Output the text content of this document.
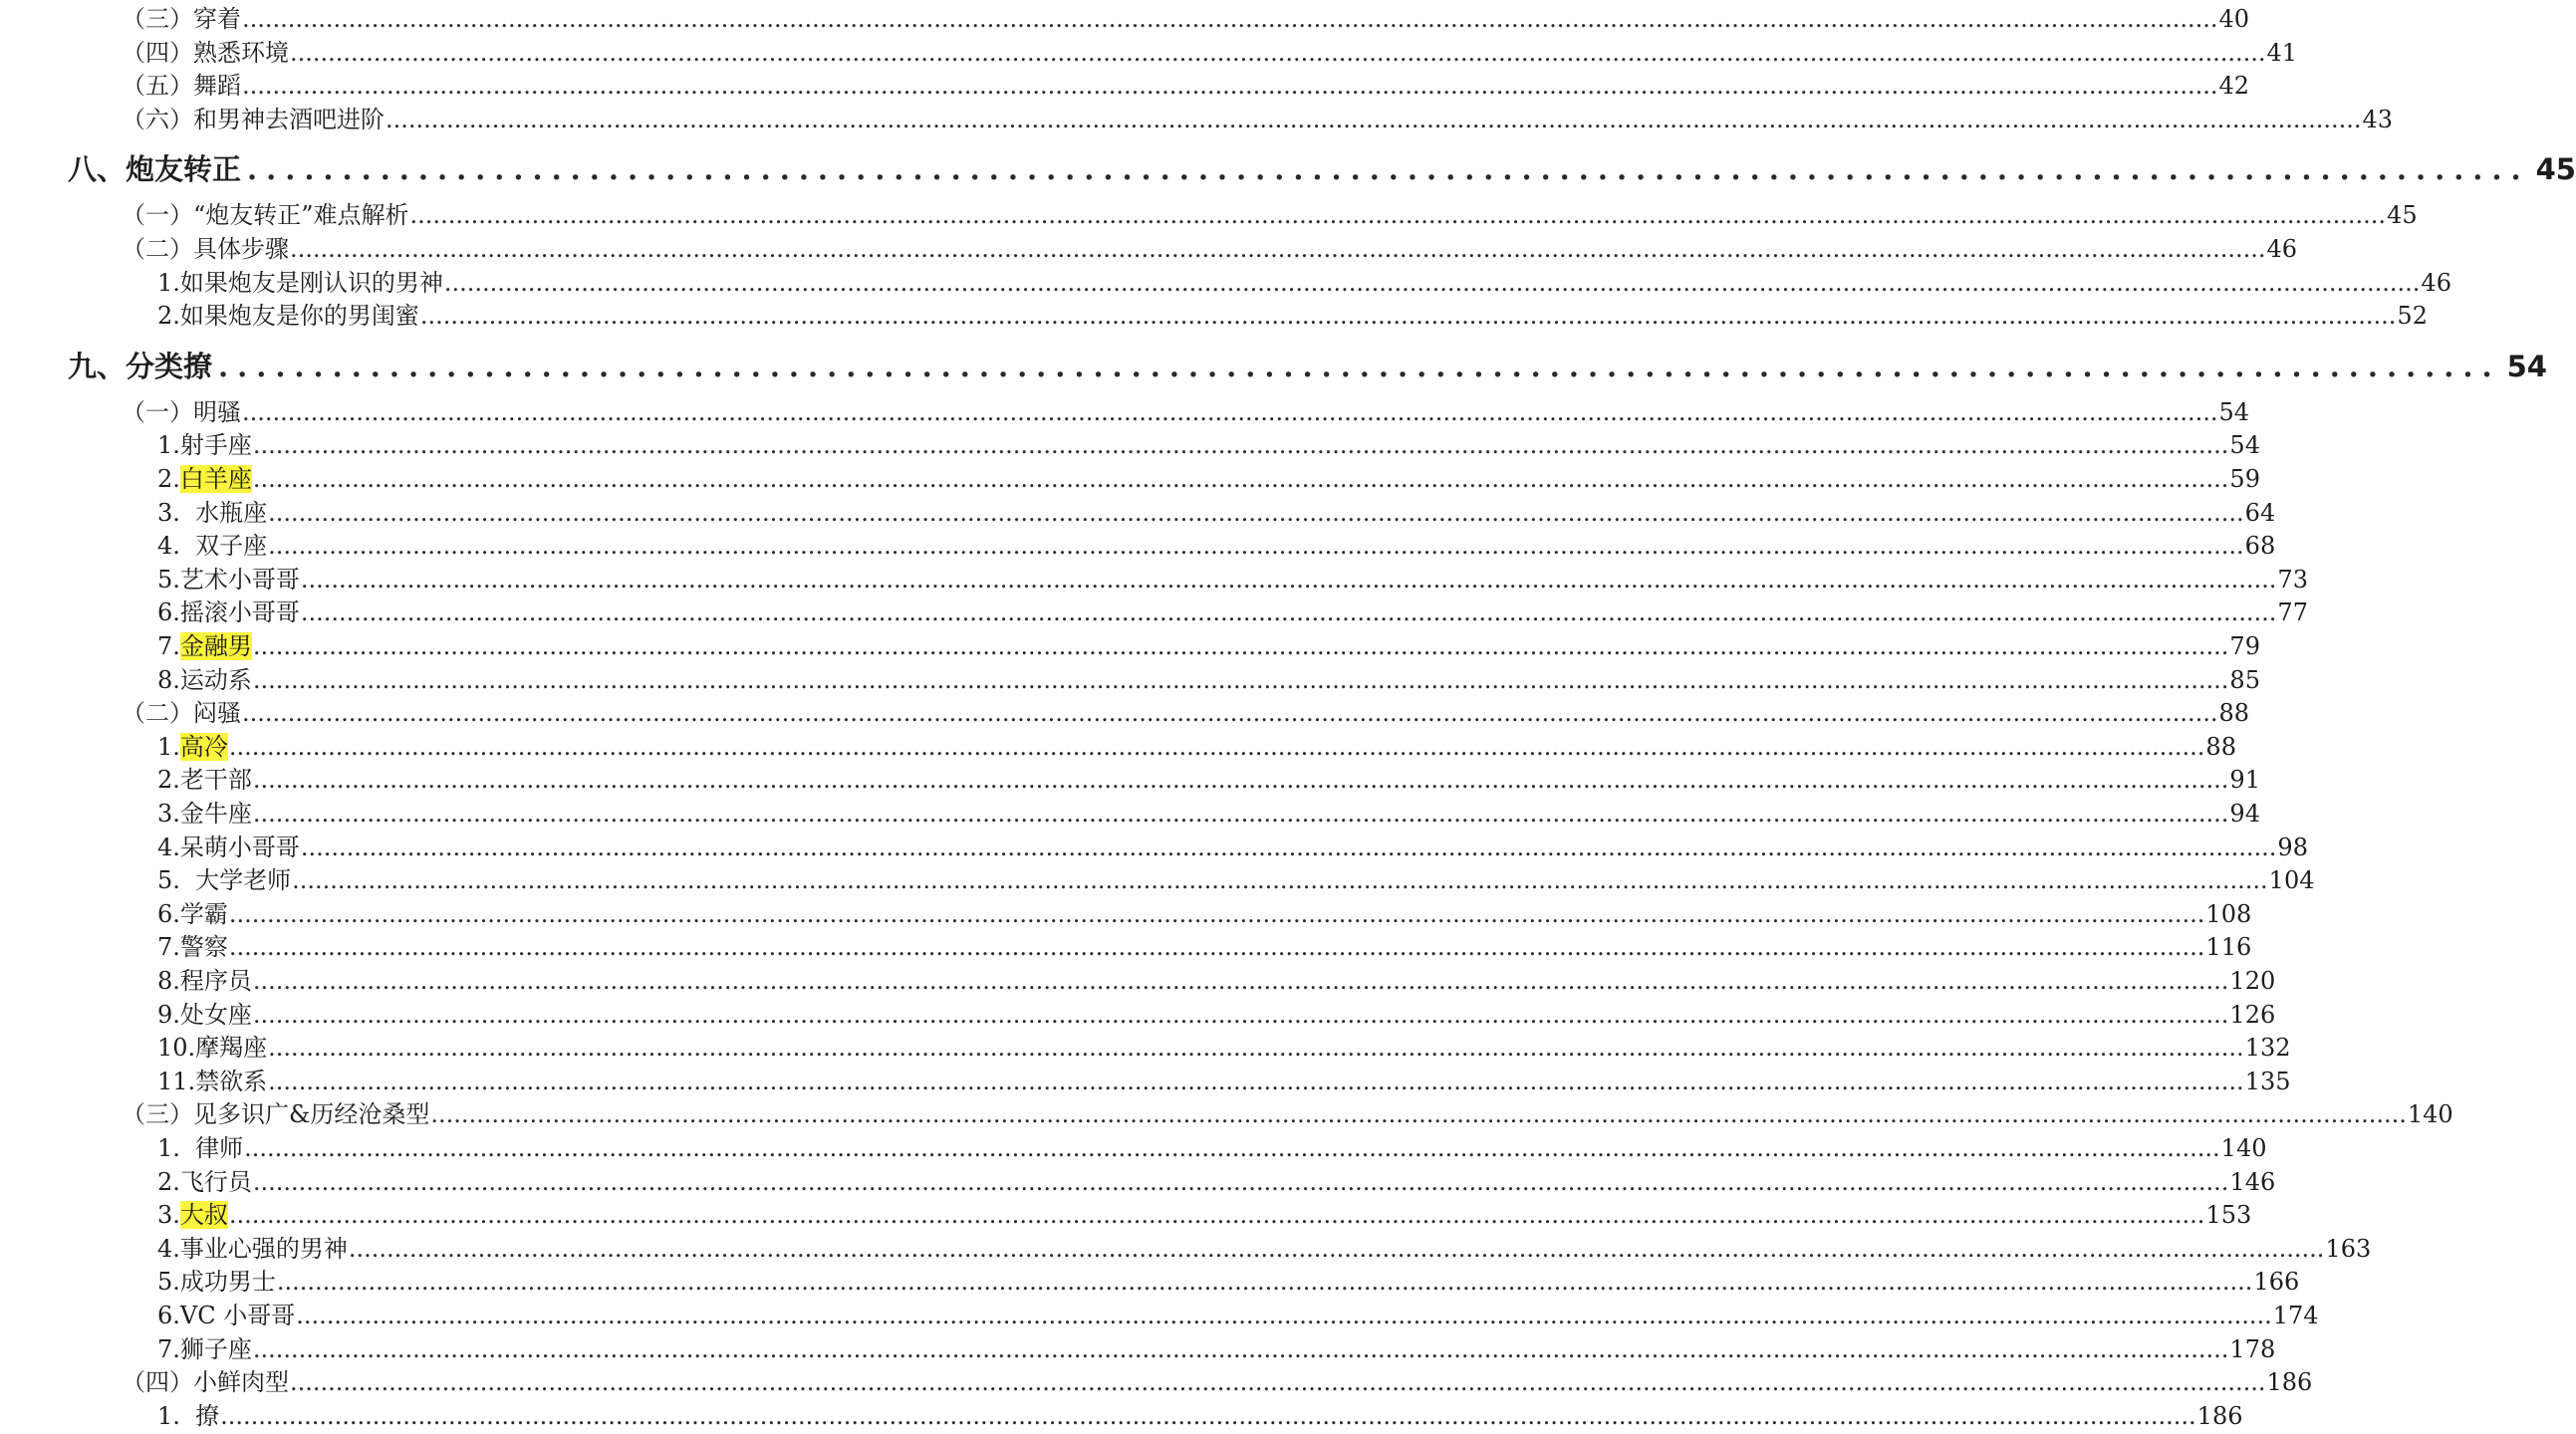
（三）穿着 .................................................................................................................................................................................................................................................................... 40
（四）熟悉环境 .................................................................................................................................................................................................................................................................... 41
（五）舞蹈 .................................................................................................................................................................................................................................................................... 42
（六）和男神去酒吧进阶 .................................................................................................................................................................................................................................................................... 43
八、炮友转正 ........................................................................................................................ 45
（一）“炮友转正”难点解析 .................................................................................................................................................................................................................................................................... 45
（二）具体步骤 .................................................................................................................................................................................................................................................................... 46
1.如果炮友是刚认识的男神 .................................................................................................................................................................................................................................................................... 46
2.如果炮友是你的男闺蜜 .................................................................................................................................................................................................................................................................... 52
九、分类撩 ........................................................................................................................ 54
（一）明骚 .................................................................................................................................................................................................................................................................... 54
1.射手座 .................................................................................................................................................................................................................................................................... 54
2.白羊座 .................................................................................................................................................................................................................................................................... 59
3.  水瓶座 .................................................................................................................................................................................................................................................................... 64
4.  双子座 .................................................................................................................................................................................................................................................................... 68
5.艺术小哥哥 .................................................................................................................................................................................................................................................................... 73
6.摇滚小哥哥 .................................................................................................................................................................................................................................................................... 77
7.金融男 .................................................................................................................................................................................................................................................................... 79
8.运动系 .................................................................................................................................................................................................................................................................... 85
（二）闷骚 .................................................................................................................................................................................................................................................................... 88
1.高冷 .................................................................................................................................................................................................................................................................... 88
2.老干部 .................................................................................................................................................................................................................................................................... 91
3.金牛座 .................................................................................................................................................................................................................................................................... 94
4.呆萌小哥哥 .................................................................................................................................................................................................................................................................... 98
5.  大学老师 .................................................................................................................................................................................................................................................................... 104
6.学霸 .................................................................................................................................................................................................................................................................... 108
7.警察 .................................................................................................................................................................................................................................................................... 116
8.程序员 .................................................................................................................................................................................................................................................................... 120
9.处女座 .................................................................................................................................................................................................................................................................... 126
10.摩羯座 .................................................................................................................................................................................................................................................................... 132
11.禁欲系 .................................................................................................................................................................................................................................................................... 135
（三）见多识广&历经沧桑型 .................................................................................................................................................................................................................................................................... 140
1.  律师 .................................................................................................................................................................................................................................................................... 140
2.飞行员 .................................................................................................................................................................................................................................................................... 146
3.大叔 .................................................................................................................................................................................................................................................................... 153
4.事业心强的男神 .................................................................................................................................................................................................................................................................... 163
5.成功男士 .................................................................................................................................................................................................................................................................... 166
6.VC 小哥哥 .................................................................................................................................................................................................................................................................... 174
7.狮子座 .................................................................................................................................................................................................................................................................... 178
（四）小鲜肉型 .................................................................................................................................................................................................................................................................... 186
1.  撩 .................................................................................................................................................................................................................................................................... 186
